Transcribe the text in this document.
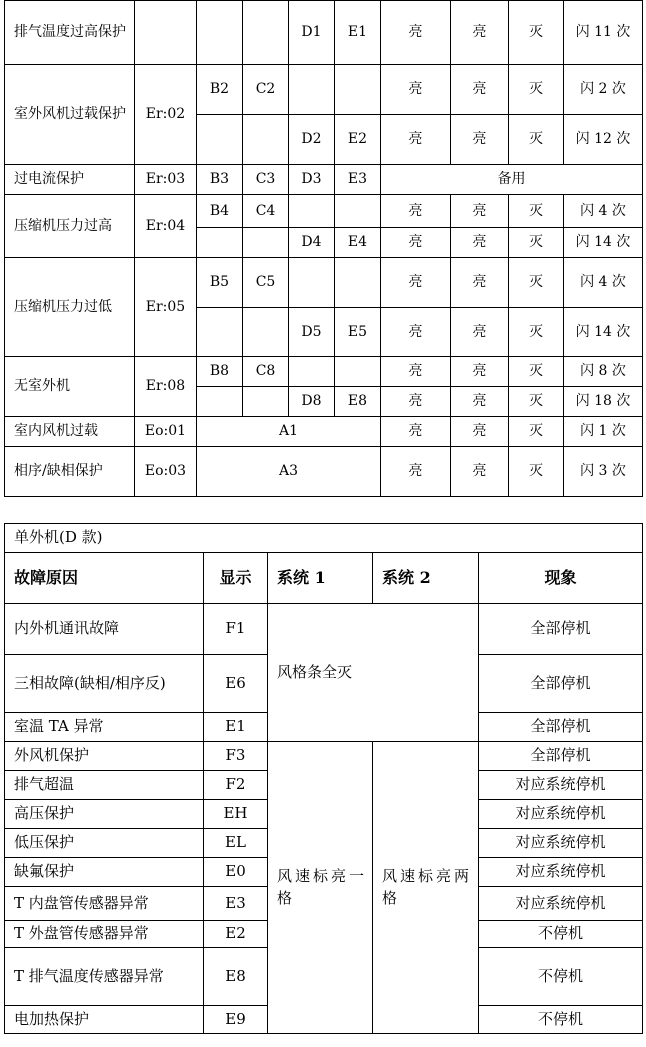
排气温度过高保护				D1	E1	亮	亮	灭	闪 11 次
室外风机过载保护	Er:02	B2	C2			亮	亮	灭	闪 2 次
				D2	E2	亮	亮	灭	闪 12 次
过电流保护	Er:03	B3	C3	D3	E3	备用			
压缩机压力过高	Er:04	B4	C4			亮	亮	灭	闪 4 次
				D4	E4	亮	亮	灭	闪 14 次
压缩机压力过低	Er:05	B5	C5			亮	亮	灭	闪 4 次
				D5	E5	亮	亮	灭	闪 14 次
无室外机	Er:08	B8	C8			亮	亮	灭	闪 8 次
				D8	E8	亮	亮	灭	闪 18 次
室内风机过载	Eo:01	A1				亮	亮	灭	闪 1 次
相序/缺相保护	Eo:03	A3				亮	亮	灭	闪 3 次
单外机(D 款)				
故障原因	显示	系统 1	系统 2	现象
内外机通讯故障	F1	风格条全灭		全部停机
三相故障(缺相/相序反)	E6			全部停机
室温 TA 异常	E1			全部停机
外风机保护	F3	风速标亮一格	风速标亮两格	全部停机
排气超温	F2			对应系统停机
高压保护	EH			对应系统停机
低压保护	EL			对应系统停机
缺氟保护	E0			对应系统停机
T 内盘管传感器异常	E3			对应系统停机
T 外盘管传感器异常	E2			不停机
T 排气温度传感器异常	E8			不停机
电加热保护	E9			不停机
